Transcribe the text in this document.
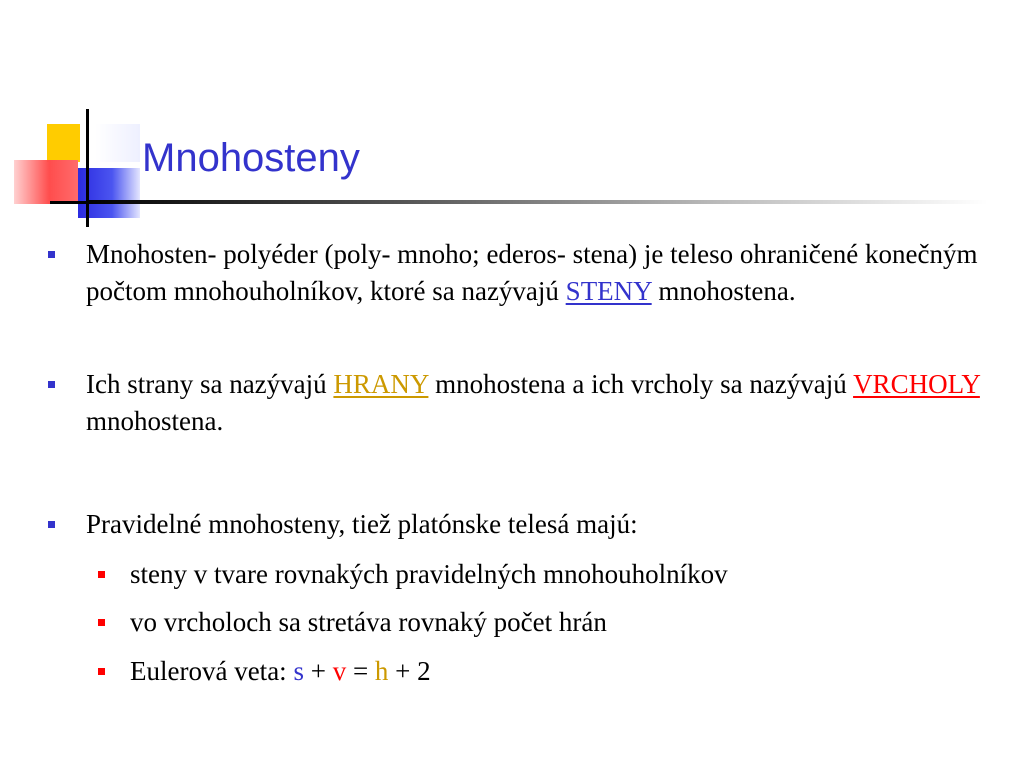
Mnohosteny
Mnohosten- polyéder (poly- mnoho; ederos- stena) je teleso ohraničené konečným počtom mnohouholníkov, ktoré sa nazývajú STENY mnohostena.
Ich strany sa nazývajú HRANY mnohostena a ich vrcholy sa nazývajú VRCHOLY mnohostena.
Pravidelné mnohosteny, tiež platónske telesá majú:
steny v tvare rovnakých pravidelných mnohouholníkov
vo vrcholoch sa stretáva rovnaký počet hrán
Eulerová veta: s + v = h + 2
